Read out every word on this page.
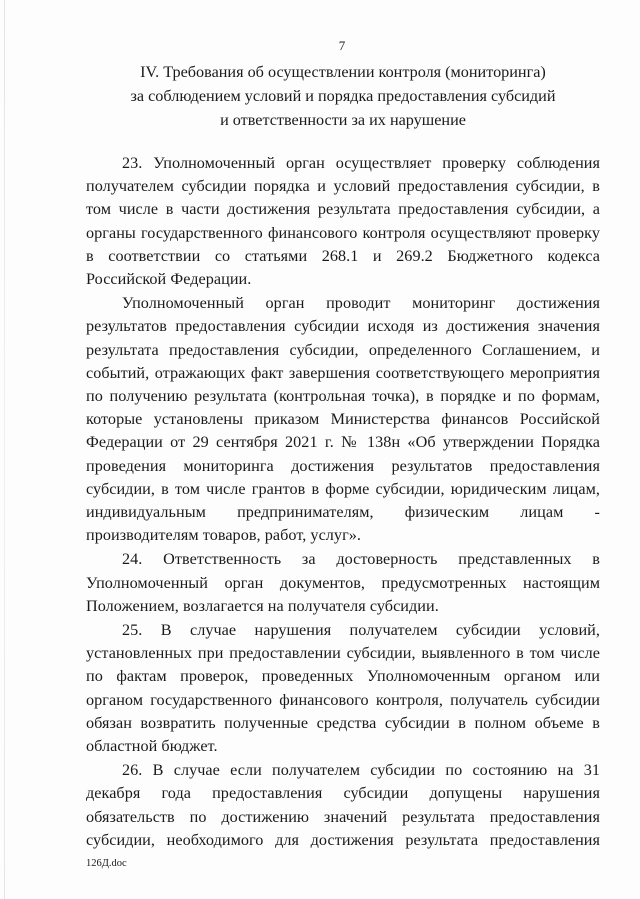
7
IV. Требования об осуществлении контроля (мониторинга)
за соблюдением условий и порядка предоставления субсидий
и ответственности за их нарушение

23. Уполномоченный орган осуществляет проверку соблюдения получателем субсидии порядка и условий предоставления субсидии, в том числе в части достижения результата предоставления субсидии, а органы государственного финансового контроля осуществляют проверку в соответствии со статьями 268.1 и 269.2 Бюджетного кодекса Российской Федерации.

Уполномоченный орган проводит мониторинг достижения результатов предоставления субсидии исходя из достижения значения результата предоставления субсидии, определенного Соглашением, и событий, отражающих факт завершения соответствующего мероприятия по получению результата (контрольная точка), в порядке и по формам, которые установлены приказом Министерства финансов Российской Федерации от 29 сентября 2021 г. № 138н «Об утверждении Порядка проведения мониторинга достижения результатов предоставления субсидии, в том числе грантов в форме субсидии, юридическим лицам, индивидуальным предпринимателям, физическим лицам - производителям товаров, работ, услуг».

24. Ответственность за достоверность представленных в Уполномоченный орган документов, предусмотренных настоящим Положением, возлагается на получателя субсидии.

25. В случае нарушения получателем субсидии условий, установленных при предоставлении субсидии, выявленного в том числе по фактам проверок, проведенных Уполномоченным органом или органом государственного финансового контроля, получатель субсидии обязан возвратить полученные средства субсидии в полном объеме в областной бюджет.

26. В случае если получателем субсидии по состоянию на 31 декабря года предоставления субсидии допущены нарушения обязательств по достижению значений результата предоставления субсидии, необходимого для достижения результата предоставления

126Д.doc
